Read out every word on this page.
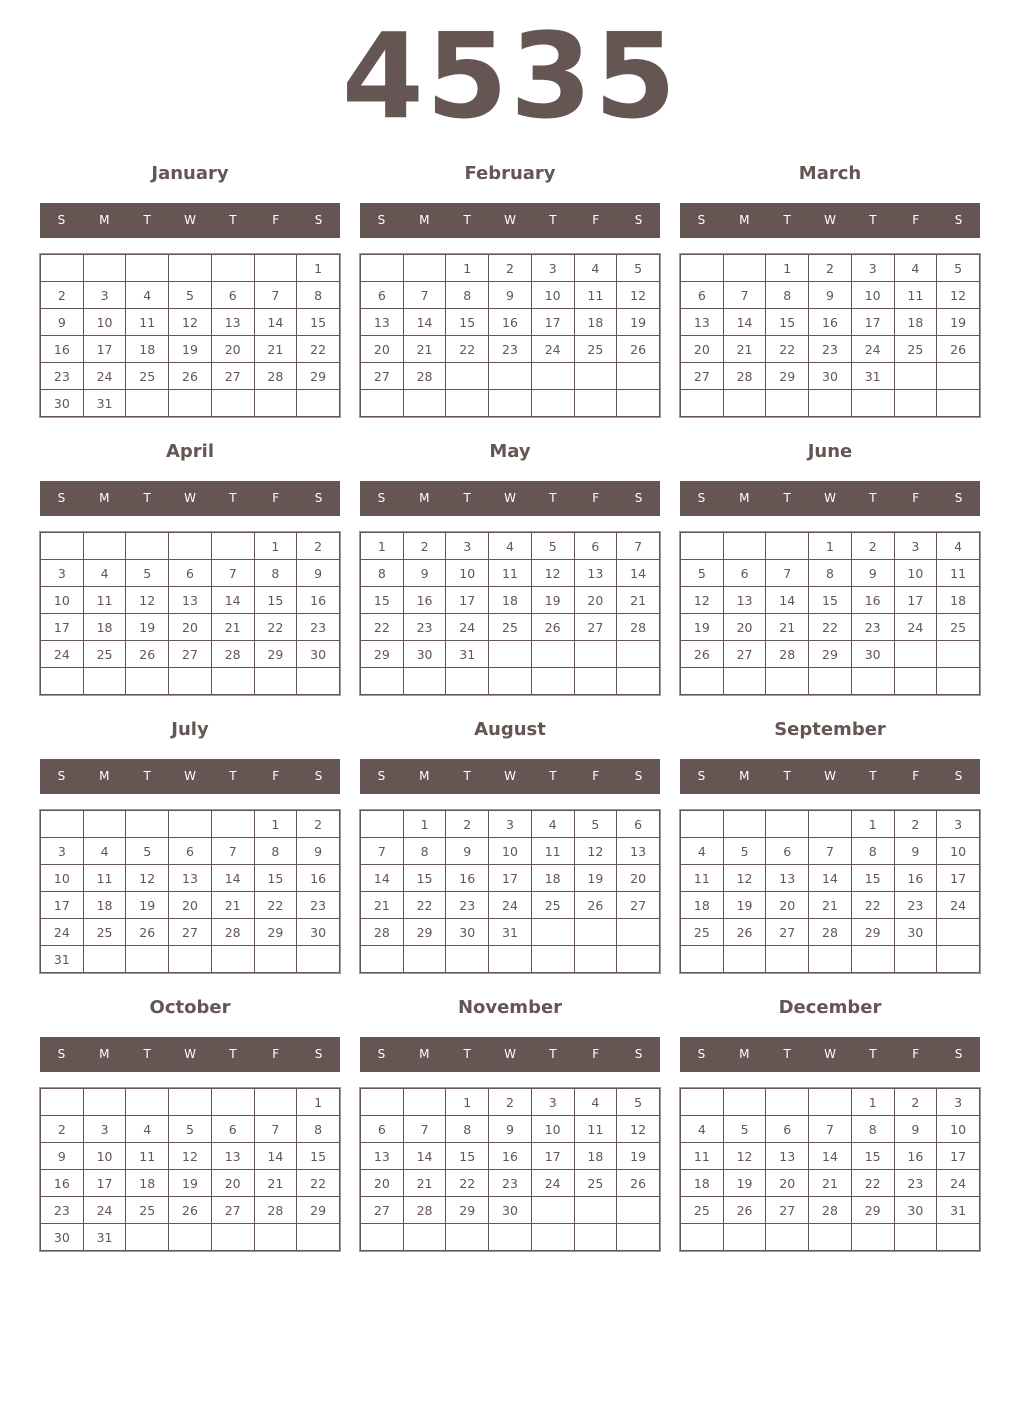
4535
January
S	M	T	W	T	F	S
						1
2	3	4	5	6	7	8
9	10	11	12	13	14	15
16	17	18	19	20	21	22
23	24	25	26	27	28	29
30	31					
February
S	M	T	W	T	F	S
		1	2	3	4	5
6	7	8	9	10	11	12
13	14	15	16	17	18	19
20	21	22	23	24	25	26
27	28					

March
S	M	T	W	T	F	S
		1	2	3	4	5
6	7	8	9	10	11	12
13	14	15	16	17	18	19
20	21	22	23	24	25	26
27	28	29	30	31		

April
S	M	T	W	T	F	S
					1	2
3	4	5	6	7	8	9
10	11	12	13	14	15	16
17	18	19	20	21	22	23
24	25	26	27	28	29	30

May
S	M	T	W	T	F	S
1	2	3	4	5	6	7
8	9	10	11	12	13	14
15	16	17	18	19	20	21
22	23	24	25	26	27	28
29	30	31				

June
S	M	T	W	T	F	S
			1	2	3	4
5	6	7	8	9	10	11
12	13	14	15	16	17	18
19	20	21	22	23	24	25
26	27	28	29	30		

July
S	M	T	W	T	F	S
					1	2
3	4	5	6	7	8	9
10	11	12	13	14	15	16
17	18	19	20	21	22	23
24	25	26	27	28	29	30
31						
August
S	M	T	W	T	F	S
	1	2	3	4	5	6
7	8	9	10	11	12	13
14	15	16	17	18	19	20
21	22	23	24	25	26	27
28	29	30	31			

September
S	M	T	W	T	F	S
				1	2	3
4	5	6	7	8	9	10
11	12	13	14	15	16	17
18	19	20	21	22	23	24
25	26	27	28	29	30	

October
S	M	T	W	T	F	S
						1
2	3	4	5	6	7	8
9	10	11	12	13	14	15
16	17	18	19	20	21	22
23	24	25	26	27	28	29
30	31					
November
S	M	T	W	T	F	S
		1	2	3	4	5
6	7	8	9	10	11	12
13	14	15	16	17	18	19
20	21	22	23	24	25	26
27	28	29	30			

December
S	M	T	W	T	F	S
				1	2	3
4	5	6	7	8	9	10
11	12	13	14	15	16	17
18	19	20	21	22	23	24
25	26	27	28	29	30	31
